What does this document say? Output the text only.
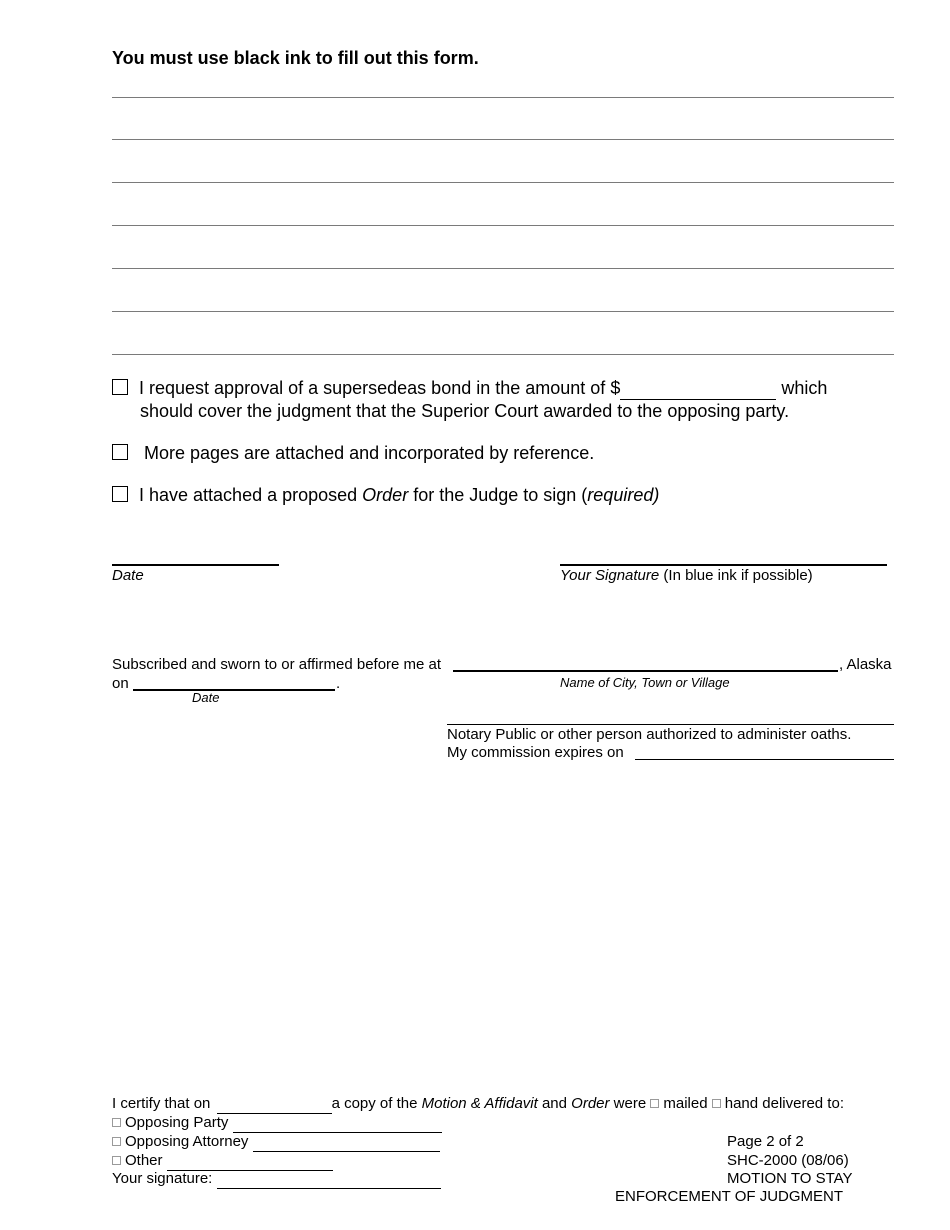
You must use black ink to fill out this form.
I request approval of a supersedeas bond in the amount of $	which
should cover the judgment that the Superior Court awarded to the opposing party.
More pages are attached and incorporated by reference.
I have attached a proposed Order for the Judge to sign (required)
Date	Your Signature (In blue ink if possible)
Subscribed and sworn to or affirmed before me at	, Alaska
on	.	Name of City, Town or Village
Date
Notary Public or other person authorized to administer oaths.
My commission expires on
I certify that on	a copy of the Motion & Affidavit and Order were mailed hand delivered to:
Opposing Party
Opposing Attorney
Other
Your signature:
Page 2 of 2
SHC-2000 (08/06)
MOTION TO STAY
ENFORCEMENT OF JUDGMENT
